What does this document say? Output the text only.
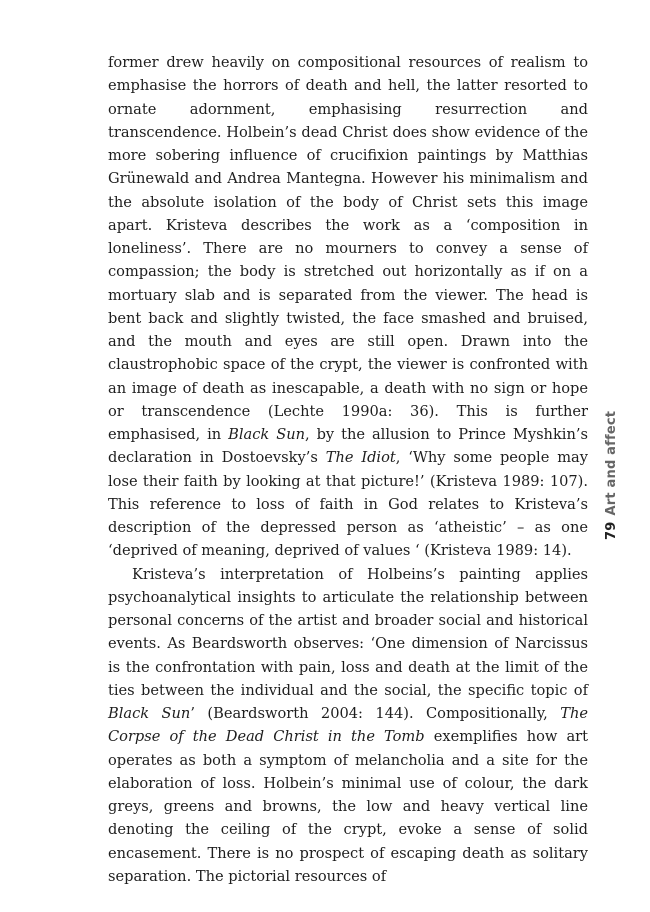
former drew heavily on compositional resources of realism to emphasise the horrors of death and hell, the latter resorted to ornate adornment, emphasising resurrection and transcendence. Holbein’s dead Christ does show evidence of the more sobering influence of crucifixion paintings by Matthias Grünewald and Andrea Mantegna. However his minimalism and the absolute isolation of the body of Christ sets this image apart. Kristeva describes the work as a ‘composition in loneliness’. There are no mourners to convey a sense of compassion; the body is stretched out horizontally as if on a mortuary slab and is separated from the viewer. The head is bent back and slightly twisted, the face smashed and bruised, and the mouth and eyes are still open. Drawn into the claustrophobic space of the crypt, the viewer is confronted with an image of death as inescapable, a death with no sign or hope or transcendence (Lechte 1990a: 36). This is further emphasised, in Black Sun, by the allusion to Prince Myshkin’s declaration in Dostoevsky’s The Idiot, ‘Why some people may lose their faith by looking at that picture!’ (Kristeva 1989: 107). This reference to loss of faith in God relates to Kristeva’s description of the depressed person as ‘atheistic’ – as one ‘deprived of meaning, deprived of values ‘ (Kristeva 1989: 14).

Kristeva’s interpretation of Holbeins’s painting applies psychoanalytical insights to articulate the relationship between personal concerns of the artist and broader social and historical events. As Beardsworth observes: ‘One dimension of Narcissus is the confrontation with pain, loss and death at the limit of the ties between the individual and the social, the specific topic of Black Sun’ (Beardsworth 2004: 144). Compositionally, The Corpse of the Dead Christ in the Tomb exemplifies how art operates as both a symptom of melancholia and a site for the elaboration of loss. Holbein’s minimal use of colour, the dark greys, greens and browns, the low and heavy vertical line denoting the ceiling of the crypt, evoke a sense of solid encasement. There is no prospect of escaping death as solitary separation. The pictorial resources of

79Art and affect
